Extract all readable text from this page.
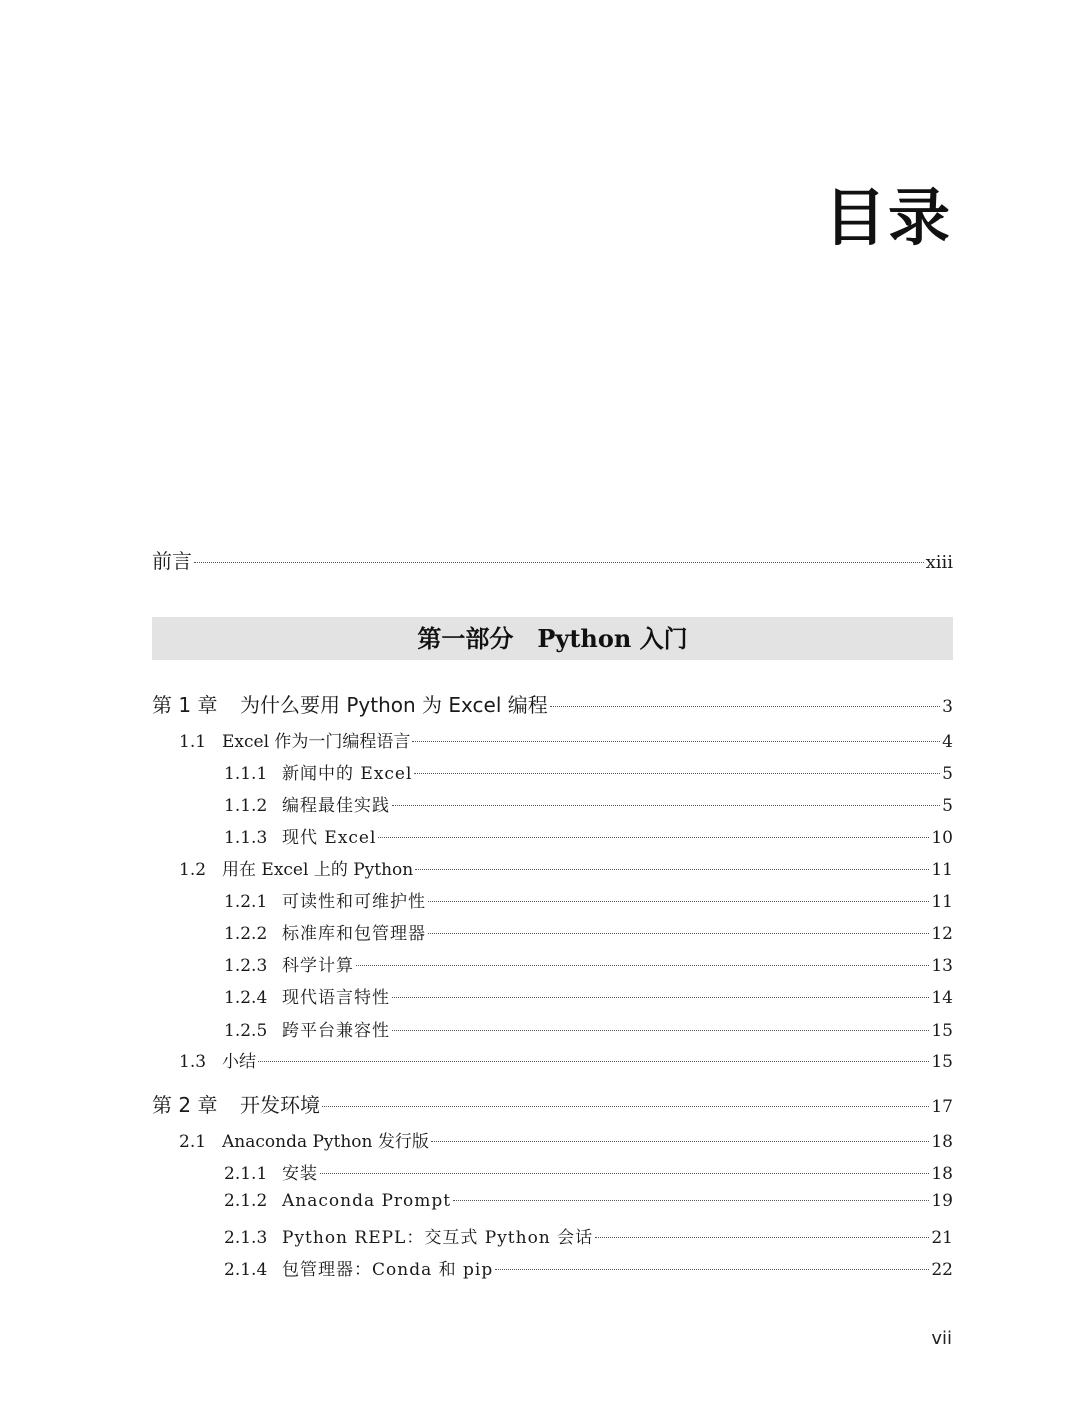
目录
前言	xiii
第一部分　Python 入门
第 1 章	为什么要用 Python 为 Excel 编程	3
1.1 Excel 作为一门编程语言	4
1.1.1 新闻中的 Excel	5
1.1.2 编程最佳实践	5
1.1.3 现代 Excel	10
1.2 用在 Excel 上的 Python	11
1.2.1 可读性和可维护性	11
1.2.2 标准库和包管理器	12
1.2.3 科学计算	13
1.2.4 现代语言特性	14
1.2.5 跨平台兼容性	15
1.3 小结	15
第 2 章	开发环境	17
2.1 Anaconda Python 发行版	18
2.1.1 安装	18
2.1.2 Anaconda Prompt	19
2.1.3 Python REPL：交互式 Python 会话	21
2.1.4 包管理器：Conda 和 pip	22
vii
